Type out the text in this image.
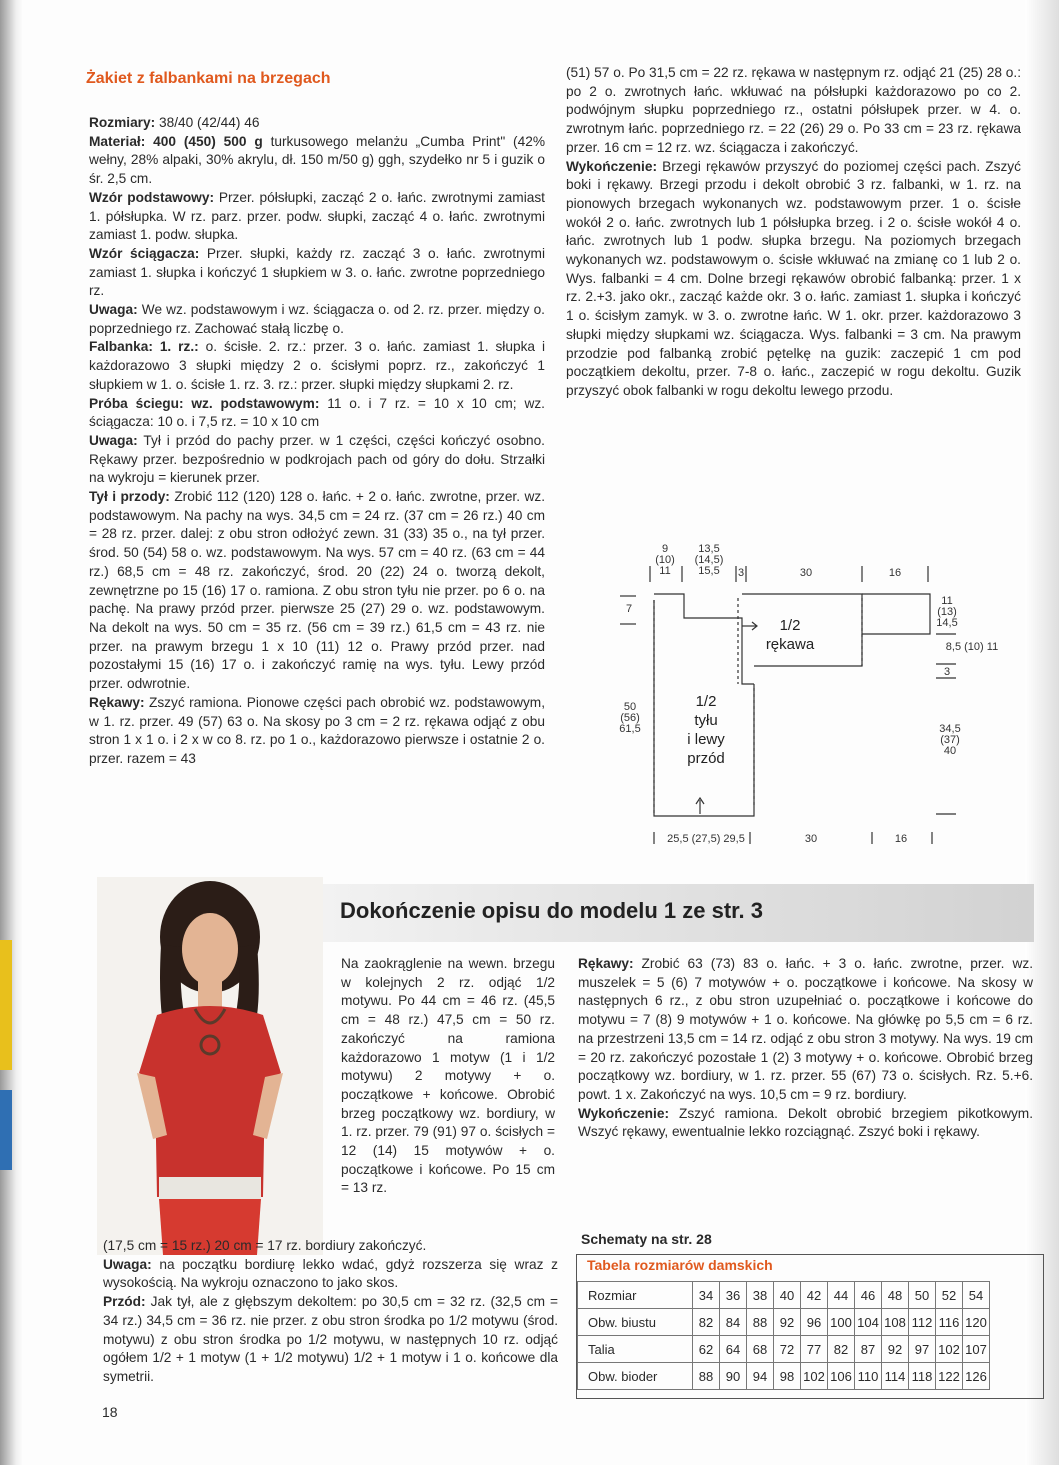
Żakiet z falbankami na brzegach

Rozmiary: 38/40 (42/44) 46

Materiał: 400 (450) 500 g turkusowego melanżu „Cumba Print" (42% wełny, 28% alpaki, 30% akrylu, dł. 150 m/50 g) ggh, szydełko nr 5 i guzik o śr. 2,5 cm.

Wzór podstawowy: Przer. półsłupki, zacząć 2 o. łańc. zwrotnymi zamiast 1. półsłupka. W rz. parz. przer. podw. słupki, zacząć 4 o. łańc. zwrotnymi zamiast 1. podw. słupka.

Wzór ściągacza: Przer. słupki, każdy rz. zacząć 3 o. łańc. zwrotnymi zamiast 1. słupka i kończyć 1 słupkiem w 3. o. łańc. zwrotne poprzedniego rz.

Uwaga: We wz. podstawowym i wz. ściągacza o. od 2. rz. przer. między o. poprzedniego rz. Zachować stałą liczbę o.

Falbanka: 1. rz.: o. ścisłe. 2. rz.: przer. 3 o. łańc. zamiast 1. słupka i każdorazowo 3 słupki między 2 o. ścisłymi poprz. rz., zakończyć 1 słupkiem w 1. o. ścisłe 1. rz. 3. rz.: przer. słupki między słupkami 2. rz.

Próba ściegu: wz. podstawowym: 11 o. i 7 rz. = 10 x 10 cm; wz. ściągacza: 10 o. i 7,5 rz. = 10 x 10 cm

Uwaga: Tył i przód do pachy przer. w 1 części, części kończyć osobno. Rękawy przer. bezpośrednio w podkrojach pach od góry do dołu. Strzałki na wykroju = kierunek przer.

Tył i przody: Zrobić 112 (120) 128 o. łańc. + 2 o. łańc. zwrotne, przer. wz. podstawowym. Na pachy na wys. 34,5 cm = 24 rz. (37 cm = 26 rz.) 40 cm = 28 rz. przer. dalej: z obu stron odłożyć zewn. 31 (33) 35 o., na tył przer. środ. 50 (54) 58 o. wz. podstawowym. Na wys. 57 cm = 40 rz. (63 cm = 44 rz.) 68,5 cm = 48 rz. zakończyć, środ. 20 (22) 24 o. tworzą dekolt, zewnętrzne po 15 (16) 17 o. ramiona. Z obu stron tyłu nie przer. po 6 o. na pachę. Na prawy przód przer. pierwsze 25 (27) 29 o. wz. podstawowym. Na dekolt na wys. 50 cm = 35 rz. (56 cm = 39 rz.) 61,5 cm = 43 rz. nie przer. na prawym brzegu 1 x 10 (11) 12 o. Prawy przód przer. nad pozostałymi 15 (16) 17 o. i zakończyć ramię na wys. tyłu. Lewy przód przer. odwrotnie.

Rękawy: Zszyć ramiona. Pionowe części pach obrobić wz. podstawowym, w 1. rz. przer. 49 (57) 63 o. Na skosy po 3 cm = 2 rz. rękawa odjąć z obu stron 1 x 1 o. i 2 x w co 8. rz. po 1 o., każdorazowo pierwsze i ostatnie 2 o. przer. razem = 43

(51) 57 o. Po 31,5 cm = 22 rz. rękawa w następnym rz. odjąć 21 (25) 28 o.: po 2 o. zwrotnych łańc. wkłuwać na półsłupki każdorazowo po co 2. podwójnym słupku poprzedniego rz., ostatni półsłupek przer. w 4. o. zwrotnym łańc. poprzedniego rz. = 22 (26) 29 o. Po 33 cm = 23 rz. rękawa przer. 16 cm = 12 rz. wz. ściągacza i zakończyć.

Wykończenie: Brzegi rękawów przyszyć do poziomej części pach. Zszyć boki i rękawy. Brzegi przodu i dekolt obrobić 3 rz. falbanki, w 1. rz. na pionowych brzegach wykonanych wz. podstawowym przer. 1 o. ścisłe wokół 2 o. łańc. zwrotnych lub 1 półsłupka brzeg. i 2 o. ścisłe wokół 4 o. łańc. zwrotnych lub 1 podw. słupka brzegu. Na poziomych brzegach wykonanych wz. podstawowym o. ścisłe wkłuwać na zmianę co 1 lub 2 o. Wys. falbanki = 4 cm. Dolne brzegi rękawów obrobić falbanką: przer. 1 x rz. 2.+3. jako okr., zacząć każde okr. 3 o. łańc. zamiast 1. słupka i kończyć 1 o. ścisłym zamyk. w 3. o. zwrotne łańc. W 1. okr. przer. każdorazowo 3 słupki między słupkami wz. ściągacza. Wys. falbanki = 3 cm. Na prawym przodzie pod falbanką zrobić pętelkę na guzik: zaczepić 1 cm pod początkiem dekoltu, przer. 7-8 o. łańc., zaczepić w rogu dekoltu. Guzik przyszyć obok falbanki w rogu dekoltu lewego przodu.

9
(10)
11
13,5
(14,5)
15,5	3	30	16
7
11
(13)
14,5
8,5 (10) 11
3
50
(56)
61,5	34,5
(37)
40
1/2
rękawa
1/2
tyłu
i lewy
przód
25,5 (27,5) 29,5	30	16
Dokończenie opisu do modelu 1 ze str. 3

Na zaokrąglenie na wewn. brzegu w kolejnych 2 rz. odjąć 1/2 motywu. Po 44 cm = 46 rz. (45,5 cm = 48 rz.) 47,5 cm = 50 rz. zakończyć na ramiona każdorazowo 1 motyw (1 i 1/2 motywu) 2 motywy + o. początkowe + końcowe. Obrobić brzeg początkowy wz. bordiury, w 1. rz. przer. 79 (91) 97 o. ścisłych = 12 (14) 15 motywów + o. początkowe i końcowe. Po 15 cm = 13 rz.

(17,5 cm = 15 rz.) 20 cm = 17 rz. bordiury zakończyć.

Uwaga: na początku bordiurę lekko wdać, gdyż rozszerza się wraz z wysokością. Na wykroju oznaczono to jako skos.

Przód: Jak tył, ale z głębszym dekoltem: po 30,5 cm = 32 rz. (32,5 cm = 34 rz.) 34,5 cm = 36 rz. nie przer. z obu stron środka po 1/2 motywu (środ. motywu) z obu stron środka po 1/2 motywu, w następnych 10 rz. odjąć ogółem 1/2 + 1 motyw (1 + 1/2 motywu) 1/2 + 1 motyw i 1 o. końcowe dla symetrii.

Rękawy: Zrobić 63 (73) 83 o. łańc. + 3 o. łańc. zwrotne, przer. wz. muszelek = 5 (6) 7 motywów + o. początkowe i końcowe. Na skosy w następnych 6 rz., z obu stron uzupełniać o. początkowe i końcowe do motywu = 7 (8) 9 motywów + 1 o. końcowe. Na główkę po 5,5 cm = 6 rz. na przestrzeni 13,5 cm = 14 rz. odjąć z obu stron 3 motywy. Na wys. 19 cm = 20 rz. zakończyć pozostałe 1 (2) 3 motywy + o. końcowe. Obrobić brzeg początkowy wz. bordiury, w 1. rz. przer. 55 (67) 73 o. ścisłych. Rz. 5.+6. powt. 1 x. Zakończyć na wys. 10,5 cm = 9 rz. bordiury.

Wykończenie: Zszyć ramiona. Dekolt obrobić brzegiem pikotkowym. Wszyć rękawy, ewentualnie lekko rozciągnąć. Zszyć boki i rękawy.

Schematy na str. 28
Tabela rozmiarów damskich
Rozmiar	34	36	38	40	42	44	46	48	50	52	54
Obw. biustu	82	84	88	92	96	100	104	108	112	116	120
Talia	62	64	68	72	77	82	87	92	97	102	107
Obw. bioder	88	90	94	98	102	106	110	114	118	122	126
18
